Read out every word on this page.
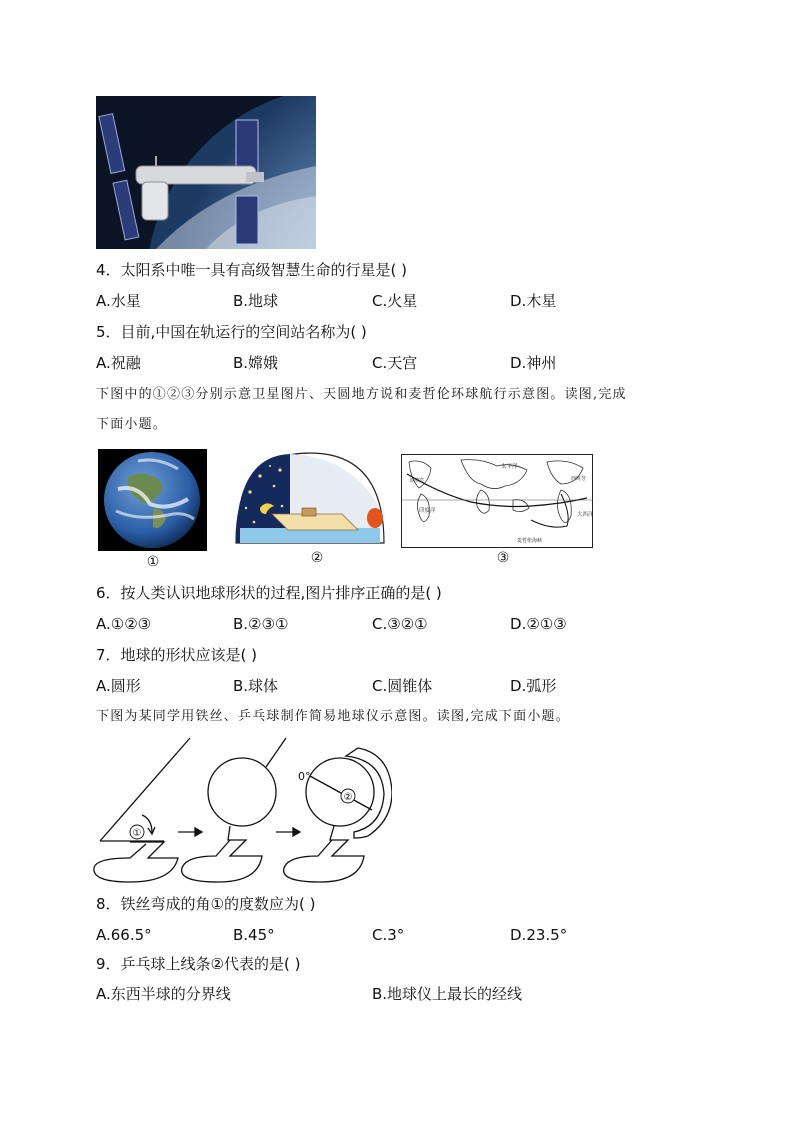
4．太阳系中唯一具有高级智慧生命的行星是( )
A.水星	B.地球	C.火星	D.木星
5．目前,中国在轨运行的空间站名称为( )
A.祝融	B.嫦娥	C.天宫	D.神州
下图中的①②③分别示意卫星图片、天圆地方说和麦哲伦环球航行示意图。读图,完成
下面小题。
①	②
印度洋
太平洋
大西洋
西班牙
菲律宾
麦哲伦海峡
③
6．按人类认识地球形状的过程,图片排序正确的是( )
A.①②③	B.②③①	C.③②①	D.②①③
7．地球的形状应该是( )
A.圆形	B.球体	C.圆锥体	D.弧形
下图为某同学用铁丝、乒乓球制作简易地球仪示意图。读图,完成下面小题。
①
②
0°
8．铁丝弯成的角①的度数应为( )
A.66.5°	B.45°	C.3°	D.23.5°
9．乒乓球上线条②代表的是( )
A.东西半球的分界线	B.地球仪上最长的经线
